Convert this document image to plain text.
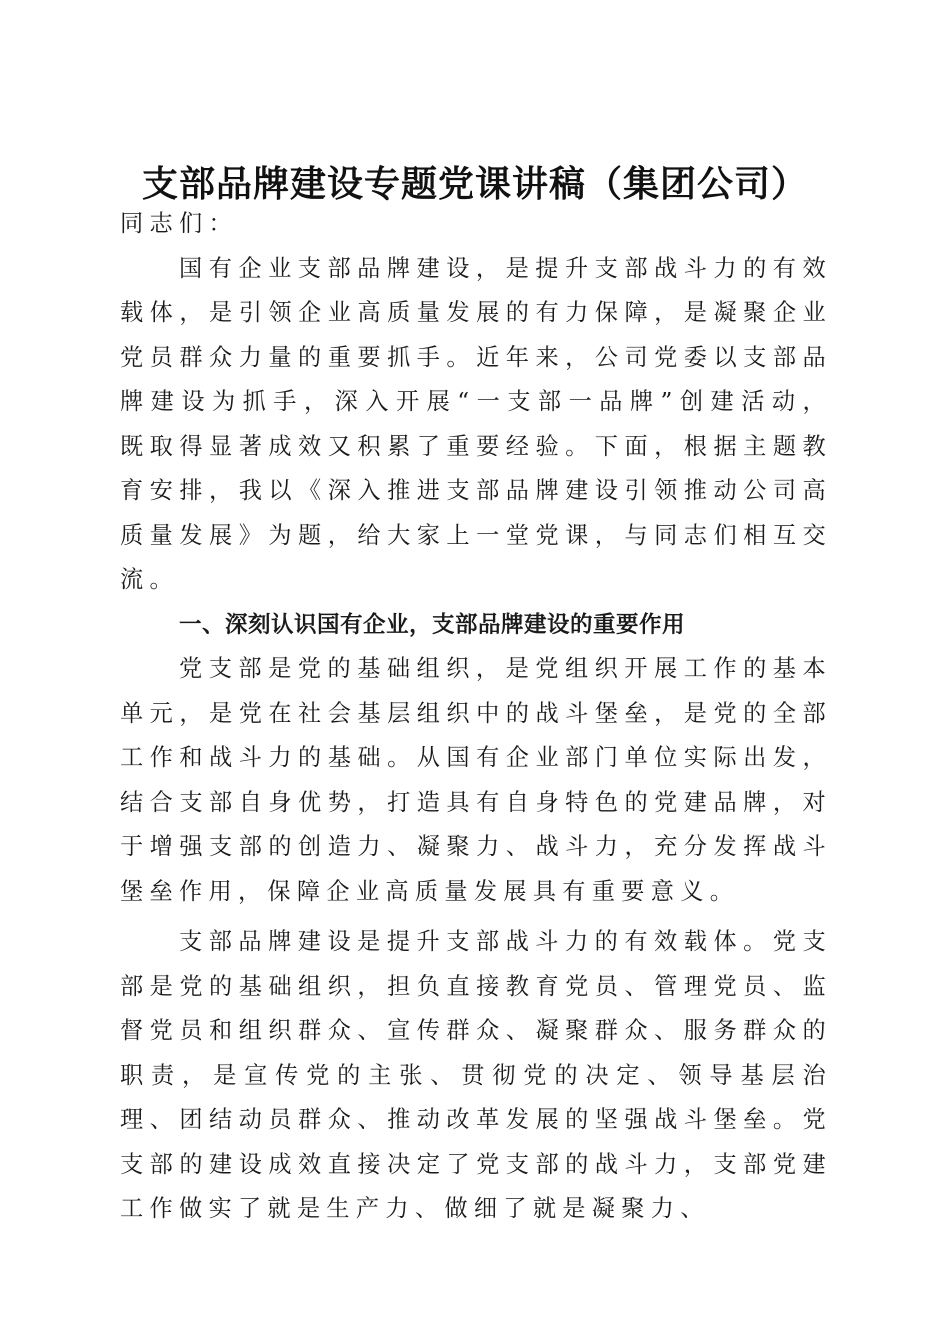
支部品牌建设专题党课讲稿（集团公司）

同志们：

国有企业支部品牌建设，是提升支部战斗力的有效载体，是引领企业高质量发展的有力保障，是凝聚企业党员群众力量的重要抓手。近年来，公司党委以支部品牌建设为抓手，深入开展“一支部一品牌”创建活动，既取得显著成效又积累了重要经验。下面，根据主题教育安排，我以《深入推进支部品牌建设引领推动公司高质量发展》为题，给大家上一堂党课，与同志们相互交流。

一、深刻认识国有企业，支部品牌建设的重要作用

党支部是党的基础组织，是党组织开展工作的基本单元，是党在社会基层组织中的战斗堡垒，是党的全部工作和战斗力的基础。从国有企业部门单位实际出发，结合支部自身优势，打造具有自身特色的党建品牌，对于增强支部的创造力、凝聚力、战斗力，充分发挥战斗堡垒作用，保障企业高质量发展具有重要意义。

支部品牌建设是提升支部战斗力的有效载体。党支部是党的基础组织，担负直接教育党员、管理党员、监督党员和组织群众、宣传群众、凝聚群众、服务群众的职责，是宣传党的主张、贯彻党的决定、领导基层治理、团结动员群众、推动改革发展的坚强战斗堡垒。党支部的建设成效直接决定了党支部的战斗力，支部党建工作做实了就是生产力、做细了就是凝聚力、
